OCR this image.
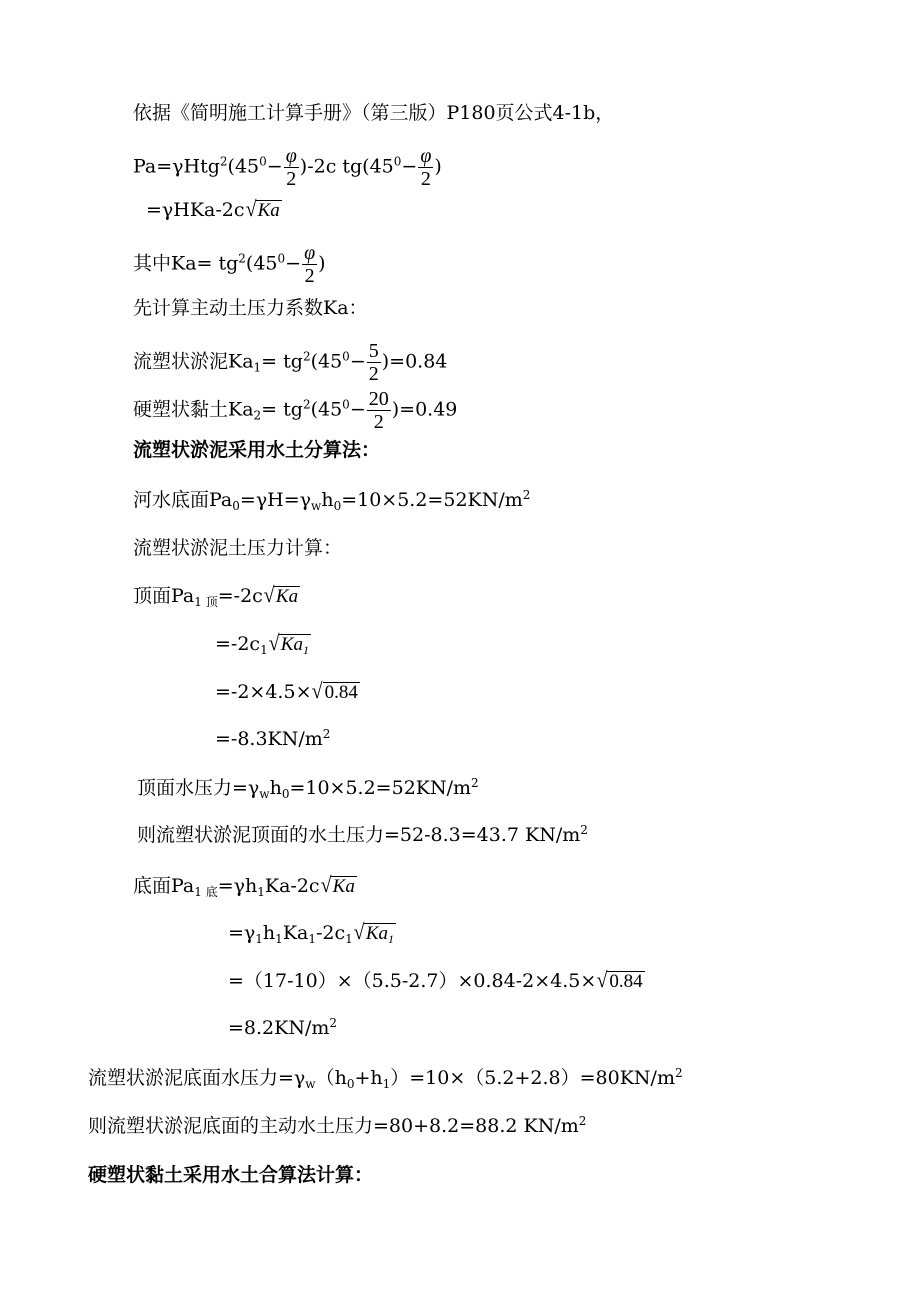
依据《简明施工计算手册》（第三版）P180页公式4-1b，
$Pa=\gamma Htg^2(45^0- \frac{\varphi}{2} )-2c$ $tg(45^0- \frac{\varphi}{2}$ )
=γHKa-2c√Ka
其中$Ka= tg^2(45^0- \frac{\varphi}{2}$ )
先计算主动土压力系数Ka：
流塑状淤泥$Ka_1= tg^2(45^0- \frac{5}{2} )=0.84$
硬塑状黏土$Ka_2= tg^2(45^0- \frac{20}{2} )=0.49$
流塑状淤泥采用水土分算法：
河水底面$Pa_0=\gamma H=\gamma_wh_0=10\times 5.2=52KN/m^2$
流塑状淤泥土压力计算：
顶面$Pa_{1 顶}=-2c√Ka$
$=-2c_1√Ka_1$
=-2×4.5×√0.84
$=-8.3KN/m^2$
顶面水压力$=\gamma_wh_0=10\times 5.2=52KN/m^2$
则流塑状淤泥顶面的水土压力=52-8.3=43.7 $KN/m^2$
底面$Pa_{1 底}=\gamma h_1Ka-2c√Ka$
$=\gamma_1h_1Ka_1-2c_1√Ka_1$
=（17-10）×（5.5-2.7）×0.84-2×4.5×√0.84
$=8.2KN/m^2$
流塑状淤泥底面水压力$=\gamma_w(h_0+h_1)=10\times(5.2+2.8)=80KN/m^2$
则流塑状淤泥底面的主动水土压力=80+8.2=88.2 $KN/m^2$
硬塑状黏土采用水土合算法计算：
